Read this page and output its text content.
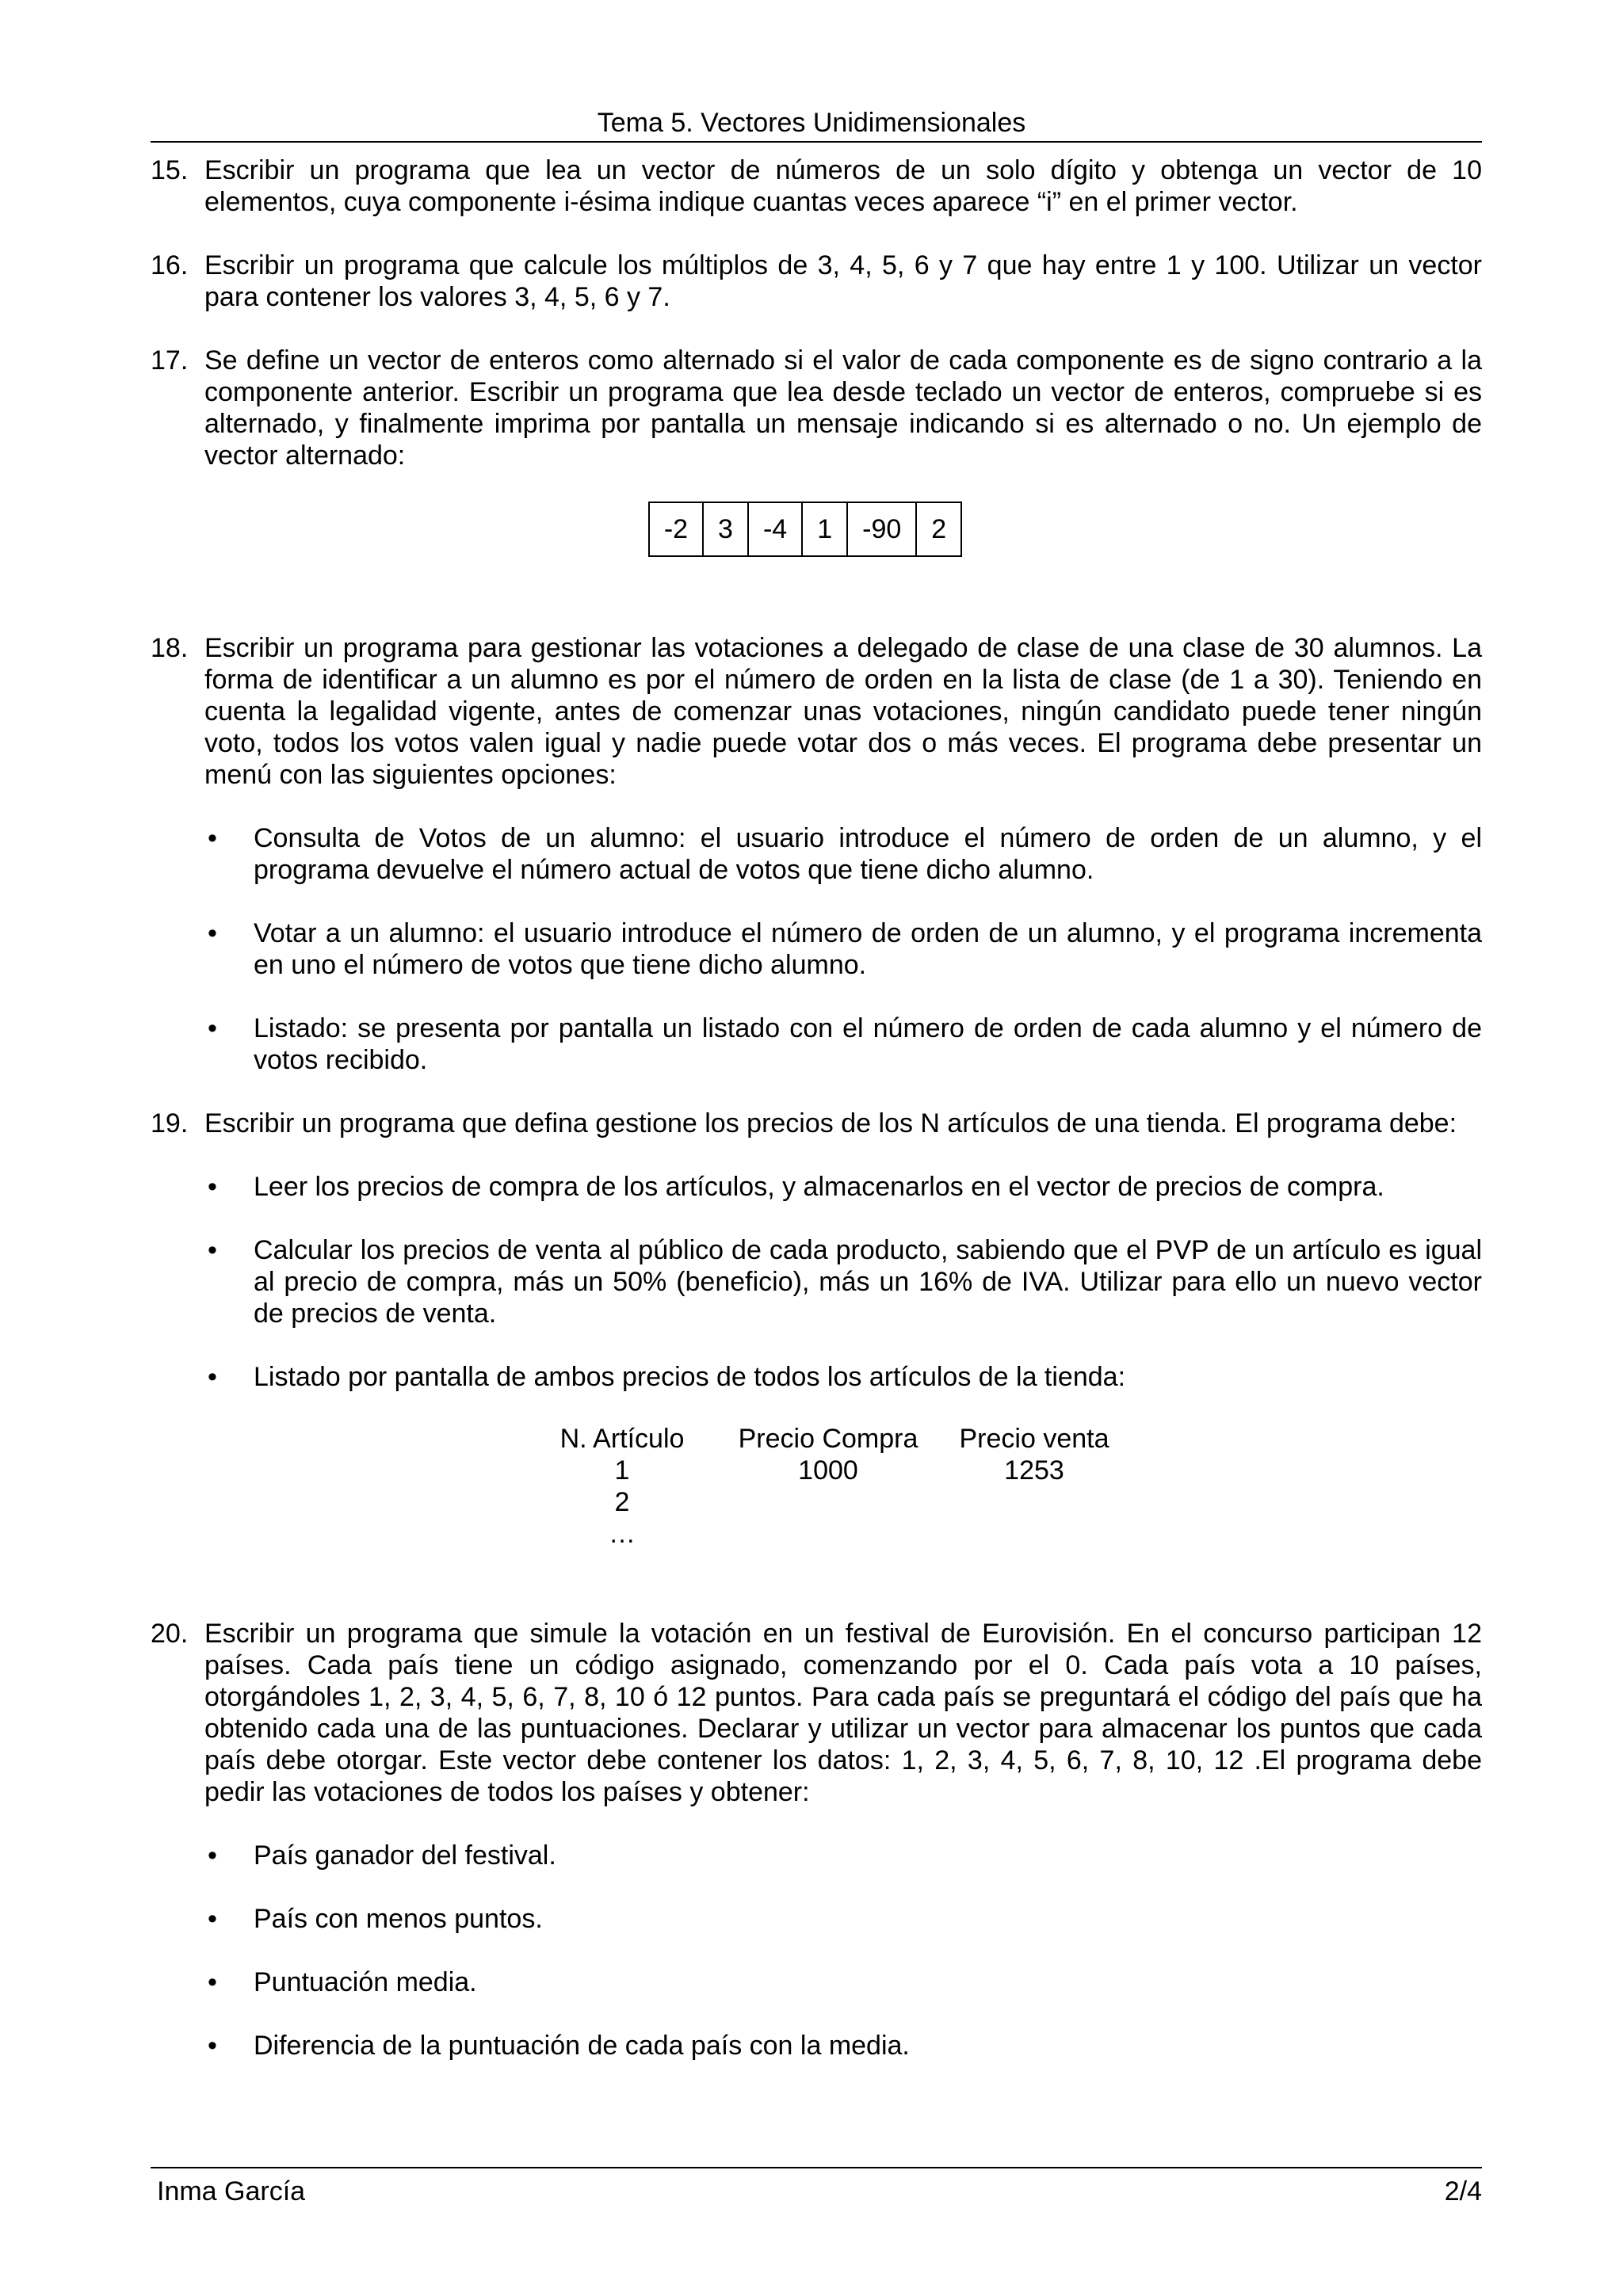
Tema 5. Vectores Unidimensionales
15. Escribir un programa que lea un vector de números de un solo dígito y obtenga un vector de 10 elementos, cuya componente i-ésima indique cuantas veces aparece “i” en el primer vector.
16. Escribir un programa que calcule los múltiplos de 3, 4, 5, 6 y 7 que hay entre 1 y 100. Utilizar un vector para contener los valores 3, 4, 5, 6 y 7.
17. Se define un vector de enteros como alternado si el valor de cada componente es de signo contrario a la componente anterior. Escribir un programa que lea desde teclado un vector de enteros, compruebe si es alternado, y finalmente imprima por pantalla un mensaje indicando si es alternado o no. Un ejemplo de vector alternado:
-2	3	-4	1	-90	2
18. Escribir un programa para gestionar las votaciones a delegado de clase de una clase de 30 alumnos. La forma de identificar a un alumno es por el número de orden en la lista de clase (de 1 a 30). Teniendo en cuenta la legalidad vigente, antes de comenzar unas votaciones, ningún candidato puede tener ningún voto, todos los votos valen igual y nadie puede votar dos o más veces. El programa debe presentar un menú con las siguientes opciones:
• Consulta de Votos de un alumno: el usuario introduce el número de orden de un alumno, y el programa devuelve el número actual de votos que tiene dicho alumno.
• Votar a un alumno: el usuario introduce el número de orden de un alumno, y el programa incrementa en uno el número de votos que tiene dicho alumno.
• Listado: se presenta por pantalla un listado con el número de orden de cada alumno y el número de votos recibido.
19. Escribir un programa que defina gestione los precios de los N artículos de una tienda. El programa debe:
• Leer los precios de compra de los artículos, y almacenarlos en el vector de precios de compra.
• Calcular los precios de venta al público de cada producto, sabiendo que el PVP de un artículo es igual al precio de compra, más un 50% (beneficio), más un 16% de IVA. Utilizar para ello un nuevo vector de precios de venta.
• Listado por pantalla de ambos precios de todos los artículos de la tienda:
N. Artículo	Precio Compra	Precio venta
1	1000	1253
2
…
20. Escribir un programa que simule la votación en un festival de Eurovisión. En el concurso participan 12 países. Cada país tiene un código asignado, comenzando por el 0. Cada país vota a 10 países, otorgándoles 1, 2, 3, 4, 5, 6, 7, 8, 10 ó 12 puntos. Para cada país se preguntará el código del país que ha obtenido cada una de las puntuaciones. Declarar y utilizar un vector para almacenar los puntos que cada país debe otorgar. Este vector debe contener los datos: 1, 2, 3, 4, 5, 6, 7, 8, 10, 12 .El programa debe pedir las votaciones de todos los países y obtener:
• País ganador del festival.
• País con menos puntos.
• Puntuación media.
• Diferencia de la puntuación de cada país con la media.
Inma García	2/4
